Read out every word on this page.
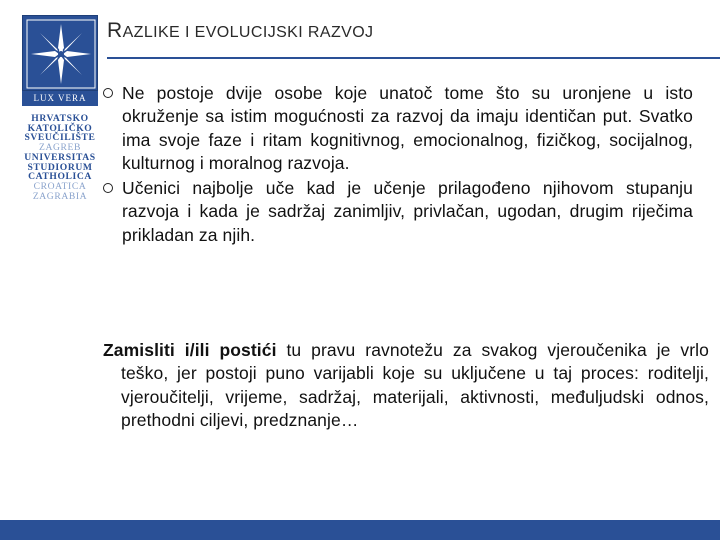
LUX VERA
HRVATSKO
KATOLIČKO
SVEUČILIŠTE
ZAGREB
UNIVERSITAS
STUDIORUM
CATHOLICA
CROATICA
ZAGRABIA
RAZLIKE I EVOLUCIJSKI RAZVOJ
Ne postoje dvije osobe koje unatoč tome što su uronjene u isto okruženje sa istim mogućnosti za razvoj da imaju identičan put. Svatko ima svoje faze i ritam kognitivnog, emocionalnog, fizičkog, socijalnog, kulturnog i moralnog razvoja.
Učenici najbolje uče kad je učenje prilagođeno njihovom stupanju razvoja i kada je sadržaj zanimljiv, privlačan, ugodan, drugim riječima prikladan za njih.

Zamisliti i/ili postići tu pravu ravnotežu za svakog vjeroučenika je vrlo teško, jer postoji puno varijabli koje su uključene u taj proces: roditelji, vjeroučitelji, vrijeme, sadržaj, materijali, aktivnosti, međuljudski odnos, prethodni ciljevi, predznanje…
